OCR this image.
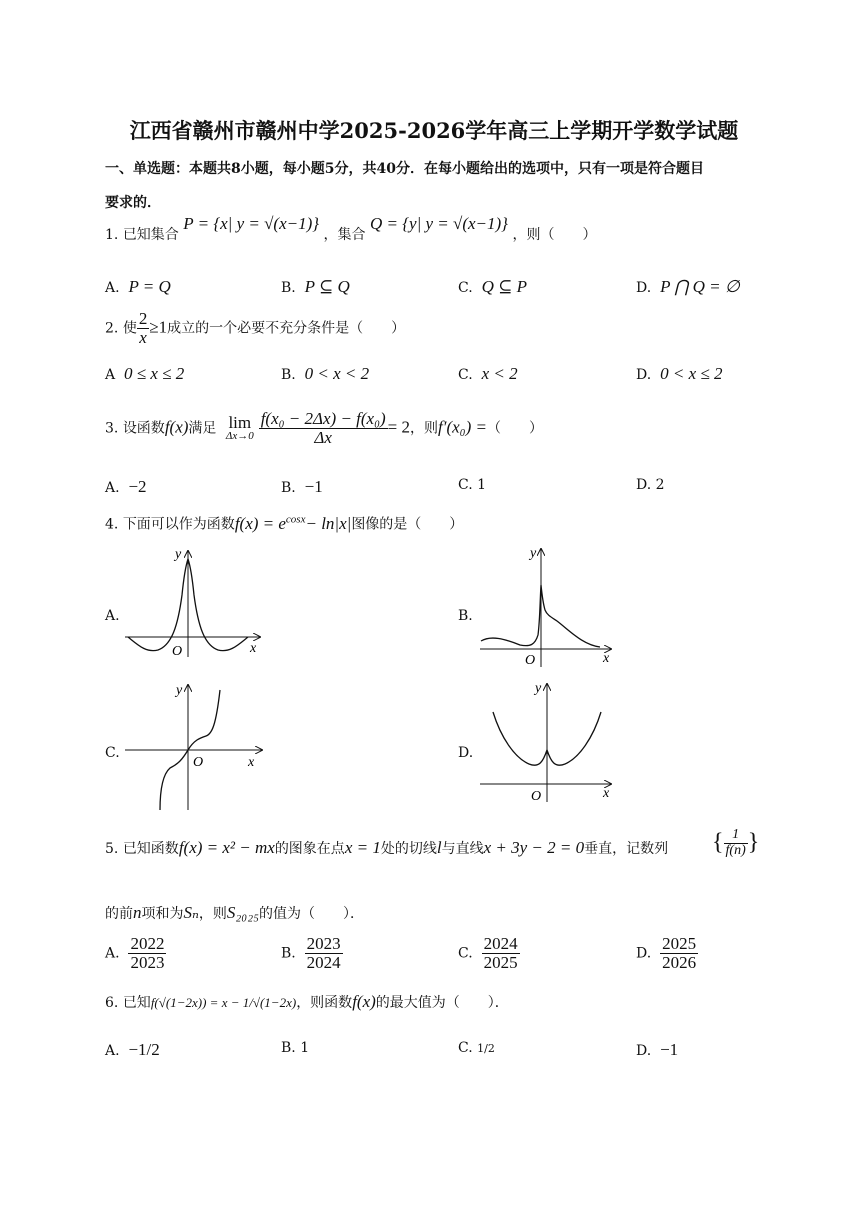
江西省赣州市赣州中学2025-2026学年高三上学期开学数学试题
一、单选题：本题共8小题，每小题5分，共40分．在每小题给出的选项中，只有一项是符合题目
要求的．
1. 已知集合 P = {x| y = √(x−1)} ，集合 Q = {y| y = √(x−1)} ，则（　　）
A. P = Q	B. P ⊆ Q	C. Q ⊆ P	D. P ⋂ Q = ∅
2. 使 $\frac{2}{x} \ge 1$成立的一个必要不充分条件是（　　）
A 0 ≤ x ≤ 2	B. 0 < x < 2	C. x < 2	D. 0 < x ≤ 2
3. 设函数f(x)满足 lim
$\Delta x\to 0 \frac{\text{f(x₀ − 2Δx) − f(x₀)}}{\Delta x} = 2$，则f′(x₀) =（　　）
A. −2	B. −1	C. 1	D. 2
4. 下面可以作为函数$f(x) = e^{cosx}- \ln|x|$图像的是（　　）
A.	B.
C.	D.
x
y
O	x
y
O
x
y
O
x
y
O
5. 已知函数f(x) = x² − mx的图象在点x = 1处的切线l与直线x + 3y − 2 = 0垂直，记数列 { $\frac{1}{f(n)}$ }
的前n项和为Sₙ，则S₂₀₂₅的值为（　　）．
A. $\frac{2022}{2023}$	B. $\frac{2023}{2024}$	C. $\frac{2024}{2025}$	D. $\frac{2025}{2026}$
6. 已知f(√(1−2x)) = x − 1/√(1−2x)，则函数f(x)的最大值为（　　）．
A. −1/2	B. 1	C. 1/2	D. −1
